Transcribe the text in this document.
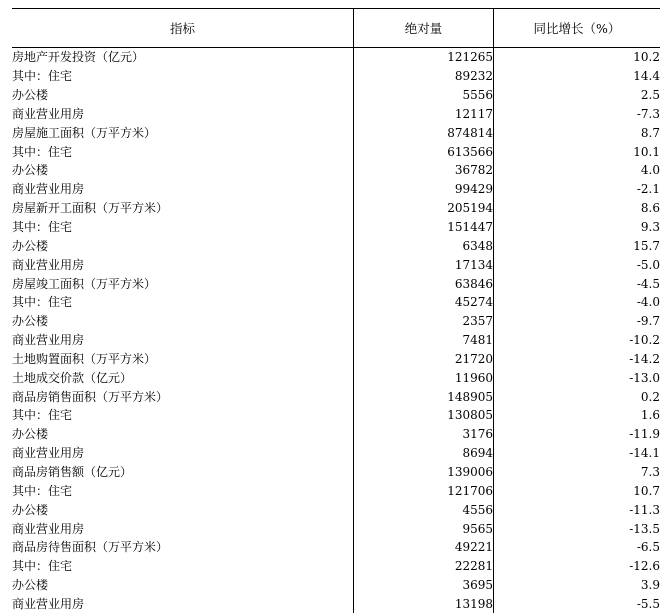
指标	绝对量	同比增长（%）
房地产开发投资（亿元）	121265	10.2
其中：住宅	89232	14.4
办公楼	5556	2.5
商业营业用房	12117	-7.3
房屋施工面积（万平方米）	874814	8.7
其中：住宅	613566	10.1
办公楼	36782	4.0
商业营业用房	99429	-2.1
房屋新开工面积（万平方米）	205194	8.6
其中：住宅	151447	9.3
办公楼	6348	15.7
商业营业用房	17134	-5.0
房屋竣工面积（万平方米）	63846	-4.5
其中：住宅	45274	-4.0
办公楼	2357	-9.7
商业营业用房	7481	-10.2
土地购置面积（万平方米）	21720	-14.2
土地成交价款（亿元）	11960	-13.0
商品房销售面积（万平方米）	148905	0.2
其中：住宅	130805	1.6
办公楼	3176	-11.9
商业营业用房	8694	-14.1
商品房销售额（亿元）	139006	7.3
其中：住宅	121706	10.7
办公楼	4556	-11.3
商业营业用房	9565	-13.5
商品房待售面积（万平方米）	49221	-6.5
其中：住宅	22281	-12.6
办公楼	3695	3.9
商业营业用房	13198	-5.5
